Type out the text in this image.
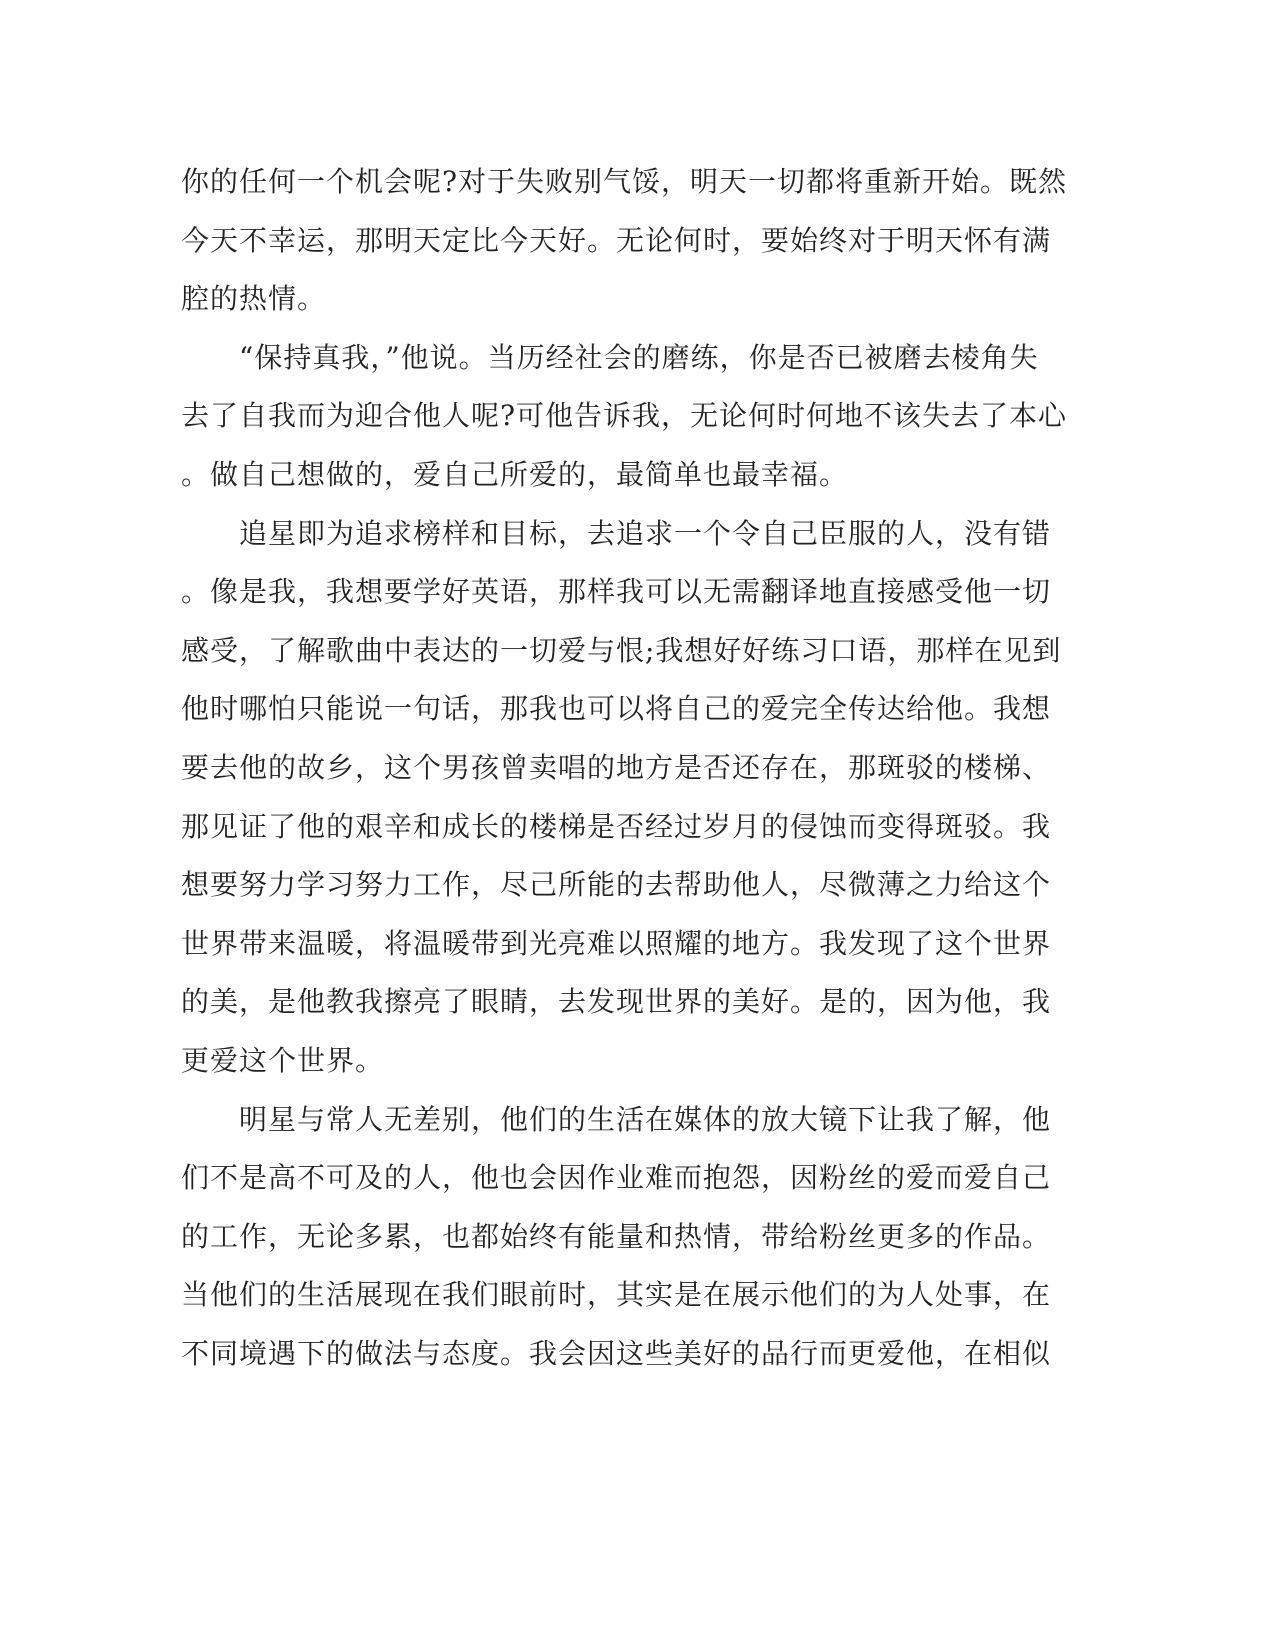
你的任何一个机会呢?对于失败别气馁，明天一切都将重新开始。既然
今天不幸运，那明天定比今天好。无论何时，要始终对于明天怀有满
腔的热情。
　　“保持真我，”他说。当历经社会的磨练，你是否已被磨去棱角失
去了自我而为迎合他人呢?可他告诉我，无论何时何地不该失去了本心
。做自己想做的，爱自己所爱的，最简单也最幸福。
　　追星即为追求榜样和目标，去追求一个令自己臣服的人，没有错
。像是我，我想要学好英语，那样我可以无需翻译地直接感受他一切
感受，了解歌曲中表达的一切爱与恨;我想好好练习口语，那样在见到
他时哪怕只能说一句话，那我也可以将自己的爱完全传达给他。我想
要去他的故乡，这个男孩曾卖唱的地方是否还存在，那斑驳的楼梯、
那见证了他的艰辛和成长的楼梯是否经过岁月的侵蚀而变得斑驳。我
想要努力学习努力工作，尽己所能的去帮助他人，尽微薄之力给这个
世界带来温暖，将温暖带到光亮难以照耀的地方。我发现了这个世界
的美，是他教我擦亮了眼睛，去发现世界的美好。是的，因为他，我
更爱这个世界。
　　明星与常人无差别，他们的生活在媒体的放大镜下让我了解，他
们不是高不可及的人，他也会因作业难而抱怨，因粉丝的爱而爱自己
的工作，无论多累，也都始终有能量和热情，带给粉丝更多的作品。
当他们的生活展现在我们眼前时，其实是在展示他们的为人处事，在
不同境遇下的做法与态度。我会因这些美好的品行而更爱他，在相似
